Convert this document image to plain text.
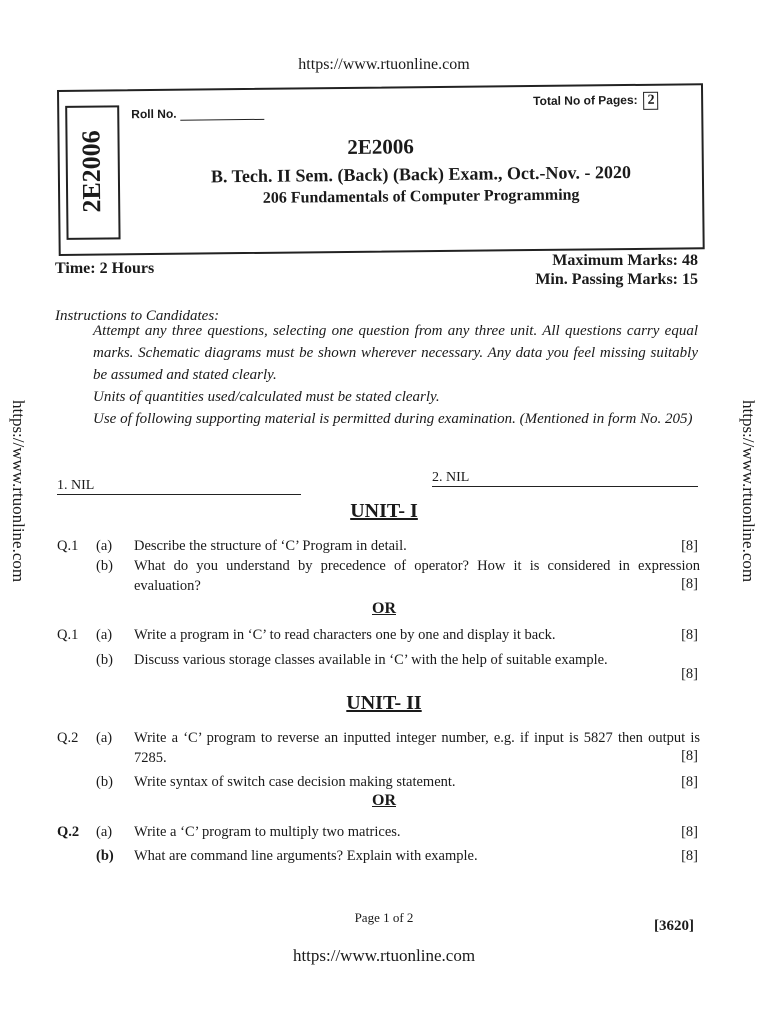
https://www.rtuonline.com
https://www.rtuonline.com	https://www.rtuonline.com
2E2006
Roll No.
Total No of Pages: 2
2E2006
B. Tech. II Sem. (Back) (Back) Exam., Oct.-Nov. - 2020
206 Fundamentals of Computer Programming
Time: 2 Hours	Maximum Marks: 48
Min. Passing Marks: 15
Instructions to Candidates:

Attempt any three questions, selecting one question from any three unit. All questions carry equal marks. Schematic diagrams must be shown wherever necessary. Any data you feel missing suitably be assumed and stated clearly.

Units of quantities used/calculated must be stated clearly.

Use of following supporting material is permitted during examination. (Mentioned in form No. 205)

1. NIL
2. NIL
UNIT- I
Q.1 (a) Describe the structure of ‘C’ Program in detail.	[8]
(b) What do you understand by precedence of operator? How it is considered in expression evaluation?	[8]
OR
Q.1 (a) Write a program in ‘C’ to read characters one by one and display it back.	[8]
(b) Discuss various storage classes available in ‘C’ with the help of suitable example.
[8]
UNIT- II
Q.2 (a) Write a ‘C’ program to reverse an inputted integer number, e.g. if input is 5827 then output is 7285.	[8]
(b) Write syntax of switch case decision making statement.	[8]
OR
Q.2 (a) Write a ‘C’ program to multiply two matrices.	[8]
(b) What are command line arguments? Explain with example.	[8]
Page 1 of 2
[3620]
https://www.rtuonline.com
